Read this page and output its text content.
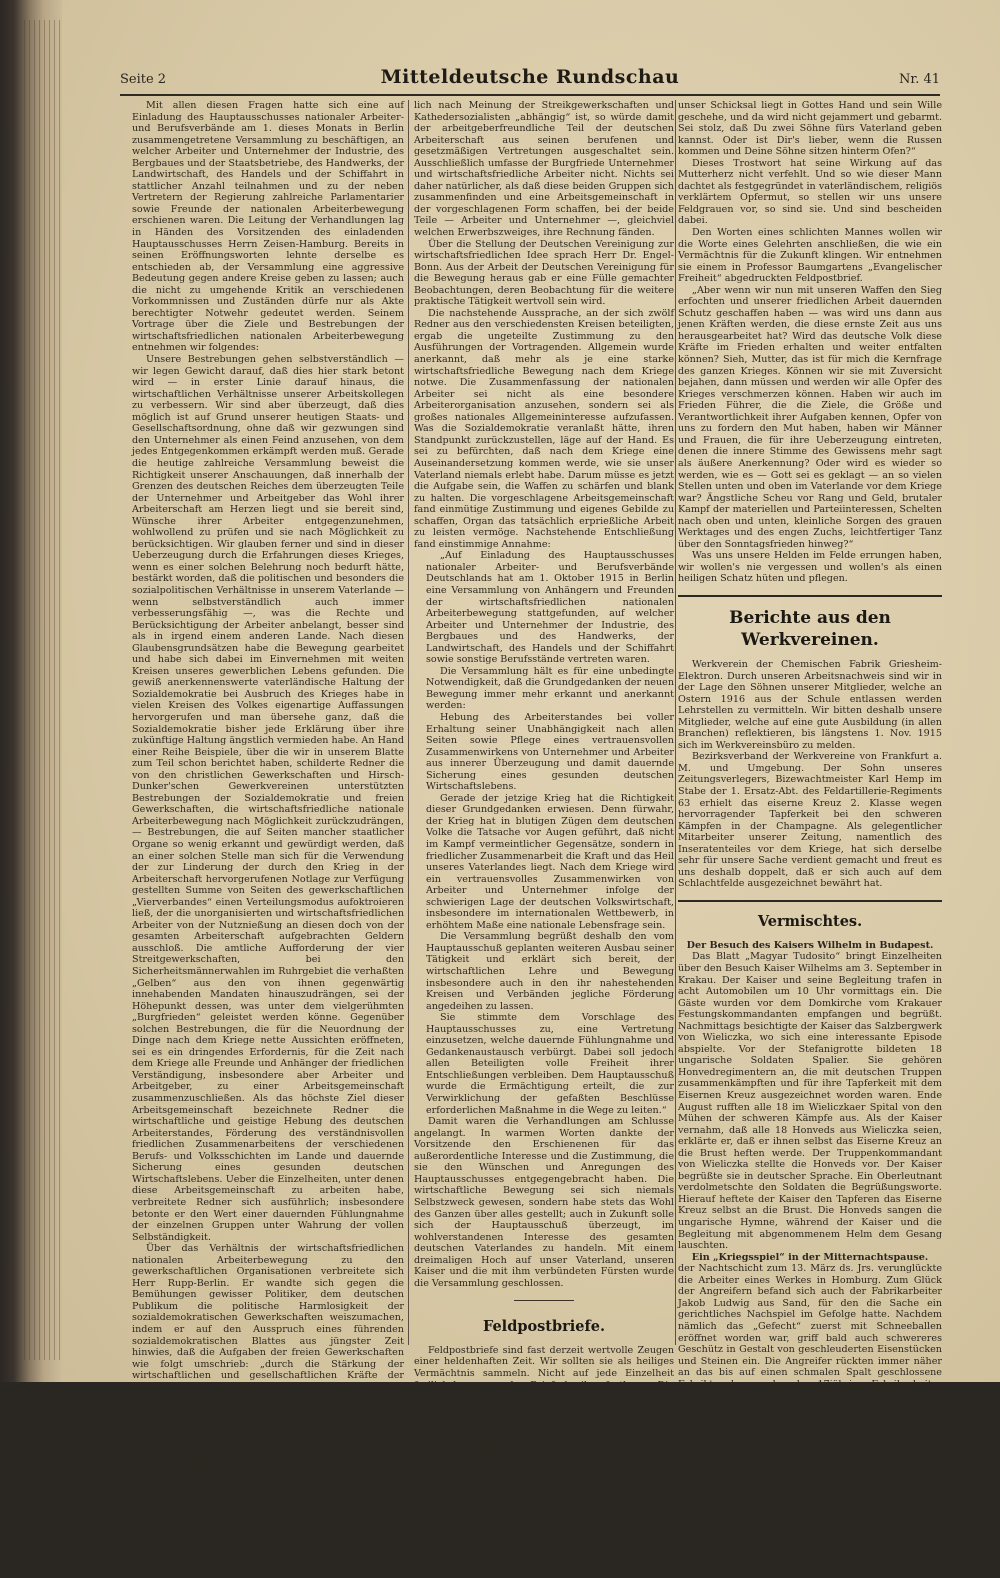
Seite 2	Mitteldeutsche Rundschau	Nr. 41

Mit allen diesen Fragen hatte sich eine auf Einladung des Hauptausschusses nationaler Arbeiter- und Berufsverbände am 1. dieses Monats in Berlin zusammengetretene Versammlung zu beschäftigen, an welcher Arbeiter und Unternehmer der Industrie, des Bergbaues und der Staatsbetriebe, des Handwerks, der Landwirtschaft, des Handels und der Schiffahrt in stattlicher Anzahl teilnahmen und zu der neben Vertretern der Regierung zahlreiche Parlamentarier sowie Freunde der nationalen Arbeiterbewegung erschienen waren. Die Leitung der Verhandlungen lag in Händen des Vorsitzenden des einladenden Hauptausschusses Herrn Zeisen-Hamburg. Bereits in seinen Eröffnungsworten lehnte derselbe es entschieden ab, der Versammlung eine aggressive Bedeutung gegen andere Kreise geben zu lassen; auch die nicht zu umgehende Kritik an verschiedenen Vorkommnissen und Zuständen dürfe nur als Akte berechtigter Notwehr gedeutet werden. Seinem Vortrage über die Ziele und Bestrebungen der wirtschaftsfriedlichen nationalen Arbeiterbewegung entnehmen wir folgendes:

Unsere Bestrebungen gehen selbstverständlich — wir legen Gewicht darauf, daß dies hier stark betont wird — in erster Linie darauf hinaus, die wirtschaftlichen Verhältnisse unserer Arbeitskollegen zu verbessern. Wir sind aber überzeugt, daß dies möglich ist auf Grund unserer heutigen Staats- und Gesellschaftsordnung, ohne daß wir gezwungen sind den Unternehmer als einen Feind anzusehen, von dem jedes Entgegenkommen erkämpft werden muß. Gerade die heutige zahlreiche Versammlung beweist die Richtigkeit unserer Anschauungen, daß innerhalb der Grenzen des deutschen Reiches dem überzeugten Teile der Unternehmer und Arbeitgeber das Wohl ihrer Arbeiterschaft am Herzen liegt und sie bereit sind, Wünsche ihrer Arbeiter entgegenzunehmen, wohlwollend zu prüfen und sie nach Möglichkeit zu berücksichtigen. Wir glauben ferner und sind in dieser Ueberzeugung durch die Erfahrungen dieses Krieges, wenn es einer solchen Belehrung noch bedurft hätte, bestärkt worden, daß die politischen und besonders die sozialpolitischen Verhältnisse in unserem Vaterlande — wenn selbstverständlich auch immer verbesserungsfähig —, was die Rechte und Berücksichtigung der Arbeiter anbelangt, besser sind als in irgend einem anderen Lande. Nach diesen Glaubensgrundsätzen habe die Bewegung gearbeitet und habe sich dabei im Einvernehmen mit weiten Kreisen unseres gewerblichen Lebens gefunden. Die gewiß anerkennenswerte vaterländische Haltung der Sozialdemokratie bei Ausbruch des Krieges habe in vielen Kreisen des Volkes eigenartige Auffassungen hervorgerufen und man übersehe ganz, daß die Sozialdemokratie bisher jede Erklärung über ihre zukünftige Haltung ängstlich vermieden habe. An Hand einer Reihe Beispiele, über die wir in unserem Blatte zum Teil schon berichtet haben, schilderte Redner die von den christlichen Gewerkschaften und Hirsch-Dunker'schen Gewerkvereinen unterstützten Bestrebungen der Sozialdemokratie und freien Gewerkschaften, die wirtschaftsfriedliche nationale Arbeiterbewegung nach Möglichkeit zurückzudrängen, — Bestrebungen, die auf Seiten mancher staatlicher Organe so wenig erkannt und gewürdigt werden, daß an einer solchen Stelle man sich für die Verwendung der zur Linderung der durch den Krieg in der Arbeiterschaft hervorgerufenen Notlage zur Verfügung gestellten Summe von Seiten des gewerkschaftlichen „Vierverbandes“ einen Verteilungsmodus aufoktroieren ließ, der die unorganisierten und wirtschaftsfriedlichen Arbeiter von der Nutznießung an diesen doch von der gesamten Arbeiterschaft aufgebrachten Geldern ausschloß. Die amtliche Aufforderung der vier Streitgewerkschaften, bei den Sicherheitsmännerwahlen im Ruhrgebiet die verhaßten „Gelben“ aus den von ihnen gegenwärtig innehabenden Mandaten hinauszudrängen, sei der Höhepunkt dessen, was unter dem vielgerühmten „Burgfrieden“ geleistet werden könne. Gegenüber solchen Bestrebungen, die für die Neuordnung der Dinge nach dem Kriege nette Aussichten eröffneten, sei es ein dringendes Erfordernis, für die Zeit nach dem Kriege alle Freunde und Anhänger der friedlichen Verständigung, insbesondere aber Arbeiter und Arbeitgeber, zu einer Arbeitsgemeinschaft zusammenzuschließen. Als das höchste Ziel dieser Arbeitsgemeinschaft bezeichnete Redner die wirtschaftliche und geistige Hebung des deutschen Arbeiterstandes, Förderung des verständnisvollen friedlichen Zusammenarbeitens der verschiedenen Berufs- und Volksschichten im Lande und dauernde Sicherung eines gesunden deutschen Wirtschaftslebens. Ueber die Einzelheiten, unter denen diese Arbeitsgemeinschaft zu arbeiten habe, verbreitete Redner sich ausführlich; insbesondere betonte er den Wert einer dauernden Fühlungnahme der einzelnen Gruppen unter Wahrung der vollen Selbständigkeit.

Über das Verhältnis der wirtschaftsfriedlichen nationalen Arbeiterbewegung zu den gewerkschaftlichen Organisationen verbreitete sich Herr Rupp-Berlin. Er wandte sich gegen die Bemühungen gewisser Politiker, dem deutschen Publikum die politische Harmlosigkeit der sozialdemokratischen Gewerkschaften weiszumachen, indem er auf den Ausspruch eines führenden sozialdemokratischen Blattes aus jüngster Zeit hinwies, daß die Aufgaben der freien Gewerkschaften wie folgt umschrieb: „durch die Stärkung der wirtschaftlichen und gesellschaftlichen Kräfte der Arbeiterschaft die ökonomische Grundlage für den Aufstieg zur Macht zu schaffen.“ Demgegenüber sei es wohl billig, von dieser Seite eine Erklärung über die zukünftige Stellungnahme zu erwarten, ehe man seine eigene Stellung ändere. Die von den Streikgewerkschaften gegründete Arbeitsgemeinschaft wurde an Hand der bis jetzt zu Tage getretenen Tätigkeit besprochen, deren Höhepunkt in dem Versuche zu erblicken ist, die Gewerkschaften, die mit ihren rund drei Millionen Mitgliedern nur etwa ein Sechstel der deutschen Arbeiterschaft ausmachen, zur gesetzlichen Vertretung der gesamten Arbeiterschaft aufrücken zu lassen, gleichgültig ob die übrigen fünf Sechstel deutscher Arbeiter von ihnen etwas wissen wollen oder nicht. Da diese Anerkennung sich nur auf die „unabhängigen“ Berufsvereine beschränken soll und die wirtschaftsfriedliche Bewegung bekannt-

lich nach Meinung der Streikgewerkschaften und Kathedersozialisten „abhängig“ ist, so würde damit der arbeitgeberfreundliche Teil der deutschen Arbeiterschaft aus seinen berufenen und gesetzmäßigen Vertretungen ausgeschaltet sein. Ausschließlich umfasse der Burgfriede Unternehmer und wirtschaftsfriedliche Arbeiter nicht. Nichts sei daher natürlicher, als daß diese beiden Gruppen sich zusammenfinden und eine Arbeitsgemeinschaft in der vorgeschlagenen Form schaffen, bei der beide Teile — Arbeiter und Unternehmer —, gleichviel welchen Erwerbszweiges, ihre Rechnung fänden.

Über die Stellung der Deutschen Vereinigung zur wirtschaftsfriedlichen Idee sprach Herr Dr. Engel-Bonn. Aus der Arbeit der Deutschen Vereinigung für die Bewegung heraus gab er eine Fülle gemachter Beobachtungen, deren Beobachtung für die weitere praktische Tätigkeit wertvoll sein wird.

Die nachstehende Aussprache, an der sich zwölf Redner aus den verschiedensten Kreisen beteiligten, ergab die ungeteilte Zustimmung zu den Ausführungen der Vortragenden. Allgemein wurde anerkannt, daß mehr als je eine starke wirtschaftsfriedliche Bewegung nach dem Kriege notwe. Die Zusammenfassung der nationalen Arbeiter sei nicht als eine besondere Arbeiterorganisation anzusehen, sondern sei als großes nationales Allgemeininteresse aufzufassen. Was die Sozialdemokratie veranlaßt hätte, ihren Standpunkt zurückzustellen, läge auf der Hand. Es sei zu befürchten, daß nach dem Kriege eine Auseinandersetzung kommen werde, wie sie unser Vaterland niemals erlebt habe. Darum müsse es jetzt die Aufgabe sein, die Waffen zu schärfen und blank zu halten. Die vorgeschlagene Arbeitsgemeinschaft fand einmütige Zustimmung und eigenes Gebilde zu schaffen, Organ das tatsächlich erprießliche Arbeit zu leisten vermöge. Nachstehende Entschließung fand einstimmige Annahme:

„Auf Einladung des Hauptausschusses nationaler Arbeiter- und Berufsverbände Deutschlands hat am 1. Oktober 1915 in Berlin eine Versammlung von Anhängern und Freunden der wirtschaftsfriedlichen nationalen Arbeiterbewegung stattgefunden, auf welcher Arbeiter und Unternehmer der Industrie, des Bergbaues und des Handwerks, der Landwirtschaft, des Handels und der Schiffahrt sowie sonstige Berufsstände vertreten waren.

Die Versammlung hält es für eine unbedingte Notwendigkeit, daß die Grundgedanken der neuen Bewegung immer mehr erkannt und anerkannt werden:

Hebung des Arbeiterstandes bei voller Erhaltung seiner Unabhängigkeit nach allen Seiten sowie Pflege eines vertrauensvollen Zusammenwirkens von Unternehmer und Arbeiter aus innerer Überzeugung und damit dauernde Sicherung eines gesunden deutschen Wirtschaftslebens.

Gerade der jetzige Krieg hat die Richtigkeit dieser Grundgedanken erwiesen. Denn fürwahr, der Krieg hat in blutigen Zügen dem deutschen Volke die Tatsache vor Augen geführt, daß nicht im Kampf vermeintlicher Gegensätze, sondern in friedlicher Zusammenarbeit die Kraft und das Heil unseres Vaterlandes liegt. Nach dem Kriege wird ein vertrauensvolles Zusammenwirken von Arbeiter und Unternehmer infolge der schwierigen Lage der deutschen Volkswirtschaft, insbesondere im internationalen Wettbewerb, in erhöhtem Maße eine nationale Lebensfrage sein.

Die Versammlung begrüßt deshalb den vom Hauptausschuß geplanten weiteren Ausbau seiner Tätigkeit und erklärt sich bereit, der wirtschaftlichen Lehre und Bewegung insbesondere auch in den ihr nahestehenden Kreisen und Verbänden jegliche Förderung angedeihen zu lassen.

Sie stimmte dem Vorschlage des Hauptausschusses zu, eine Vertretung einzusetzen, welche dauernde Fühlungnahme und Gedankenaustausch verbürgt. Dabei soll jedoch allen Beteiligten volle Freiheit ihrer Entschließungen verbleiben. Dem Hauptausschuß wurde die Ermächtigung erteilt, die zur Verwirklichung der gefaßten Beschlüsse erforderlichen Maßnahme in die Wege zu leiten.“

Damit waren die Verhandlungen am Schlusse angelangt. In warmen Worten dankte der Vorsitzende den Erschienenen für das außerordentliche Interesse und die Zustimmung, die sie den Wünschen und Anregungen des Hauptausschusses entgegengebracht haben. Die wirtschaftliche Bewegung sei sich niemals Selbstzweck gewesen, sondern habe stets das Wohl des Ganzen über alles gestellt; auch in Zukunft solle sich der Hauptausschuß überzeugt, im wohlverstandenen Interesse des gesamten deutschen Vaterlandes zu handeln. Mit einem dreimaligen Hoch auf unser Vaterland, unseren Kaiser und die mit ihm verbündeten Fürsten wurde die Versammlung geschlossen.

Feldpostbriefe.

Feldpostbriefe sind fast derzeit wertvolle Zeugen einer heldenhaften Zeit. Wir sollten sie als heiliges Vermächtnis sammeln. Nicht auf jede Einzelheit freilich kann man den Briefschreiber festlegen. Die Briefe sind ja auch nicht ursprünglich für die Öffentlichkeit bestimmt. Gerade aber weil hier der Soldat so wie's ihm ums Herz ist schreibt, weil nichts Gekünsteltes, Angepaßtes, Anempfundenes darin steht, darum sind uns die Feldpostbriefe als Herzensoffenbarungen so lieb.

Wie klingt und wirkt z. B. über den Anlaß hinaus der Mannestrost, den ein Krieger, im Frieden ein schlichter Schlosserzgeselle, nach Hause an die zagende Mutter geschrieben hat:

„Liebe Mutter, Du schreibst, Du würdest wahnsinnig, wenn mir etwas passierte. Dafür sind wir im Krieg. Wir fürchten uns vor dem Tod nicht. Denn

unser Schicksal liegt in Gottes Hand und sein Wille geschehe, und da wird nicht gejammert und gebarmt. Sei stolz, daß Du zwei Söhne fürs Vaterland geben kannst. Oder ist Dir's lieber, wenn die Russen kommen und Deine Söhne sitzen hinterm Ofen?“

Dieses Trostwort hat seine Wirkung auf das Mutterherz nicht verfehlt. Und so wie dieser Mann dachtet als festgegründet in vaterländischem, religiös verklärtem Opfermut, so stellen wir uns unsere Feldgrauen vor, so sind sie. Und sind bescheiden dabei.

Den Worten eines schlichten Mannes wollen wir die Worte eines Gelehrten anschließen, die wie ein Vermächtnis für die Zukunft klingen. Wir entnehmen sie einem in Professor Baumgartens „Evangelischer Freiheit“ abgedruckten Feldpostbrief.

„Aber wenn wir nun mit unseren Waffen den Sieg erfochten und unserer friedlichen Arbeit dauernden Schutz geschaffen haben — was wird uns dann aus jenen Kräften werden, die diese ernste Zeit aus uns herausgearbeitet hat? Wird das deutsche Volk diese Kräfte im Frieden erhalten und weiter entfalten können? Sieh, Mutter, das ist für mich die Kernfrage des ganzen Krieges. Können wir sie mit Zuversicht bejahen, dann müssen und werden wir alle Opfer des Krieges verschmerzen können. Haben wir auch im Frieden Führer, die die Ziele, die Größe und Verantwortlichkeit ihrer Aufgaben kennen, Opfer von uns zu fordern den Mut haben, haben wir Männer und Frauen, die für ihre Ueberzeugung eintreten, denen die innere Stimme des Gewissens mehr sagt als äußere Anerkennung? Oder wird es wieder so werden, wie es — Gott sei es geklagt — an so vielen Stellen unten und oben im Vaterlande vor dem Kriege war? Ängstliche Scheu vor Rang und Geld, brutaler Kampf der materiellen und Parteiinteressen, Schelten nach oben und unten, kleinliche Sorgen des grauen Werktages und des engen Zuchs, leichtfertiger Tanz über den Sonntagsfrieden hinweg?“

Was uns unsere Helden im Felde errungen haben, wir wollen's nie vergessen und wollen's als einen heiligen Schatz hüten und pflegen.

Berichte aus den Werkvereinen.

Werkverein der Chemischen Fabrik Griesheim-Elektron. Durch unseren Arbeitsnachweis sind wir in der Lage den Söhnen unserer Mitglieder, welche an Ostern 1916 aus der Schule entlassen werden Lehrstellen zu vermitteln. Wir bitten deshalb unsere Mitglieder, welche auf eine gute Ausbildung (in allen Branchen) reflektieren, bis längstens 1. Nov. 1915 sich im Werkvereinsbüro zu melden.

Bezirksverband der Werkvereine von Frankfurt a. M. und Umgebung. Der Sohn unseres Zeitungsverlegers, Bizewachtmeister Karl Hemp im Stabe der 1. Ersatz-Abt. des Feldartillerie-Regiments 63 erhielt das eiserne Kreuz 2. Klasse wegen hervorragender Tapferkeit bei den schweren Kämpfen in der Champagne. Als gelegentlicher Mitarbeiter unserer Zeitung, namentlich des Inseratenteiles vor dem Kriege, hat sich derselbe sehr für unsere Sache verdient gemacht und freut es uns deshalb doppelt, daß er sich auch auf dem Schlachtfelde ausgezeichnet bewährt hat.

Vermischtes.

Der Besuch des Kaisers Wilhelm in Budapest.

Das Blatt „Magyar Tudosito“ bringt Einzelheiten über den Besuch Kaiser Wilhelms am 3. September in Krakau. Der Kaiser und seine Begleitung trafen in acht Automobilen um 10 Uhr vormittags ein. Die Gäste wurden vor dem Domkirche vom Krakauer Festungskommandanten empfangen und begrüßt. Nachmittags besichtigte der Kaiser das Salzbergwerk von Wieliczka, wo sich eine interessante Episode abspielte. Vor der Stefanigrotte bildeten 18 ungarische Soldaten Spalier. Sie gehören Honvedregimentern an, die mit deutschen Truppen zusammenkämpften und für ihre Tapferkeit mit dem Eisernen Kreuz ausgezeichnet worden waren. Ende August rufften alle 18 im Wieliczkaer Spital von den Mühen der schweren Kämpfe aus. Als der Kaiser vernahm, daß alle 18 Honveds aus Wieliczka seien, erklärte er, daß er ihnen selbst das Eiserne Kreuz an die Brust heften werde. Der Truppenkommandant von Wieliczka stellte die Honveds vor. Der Kaiser begrüßte sie in deutscher Sprache. Ein Oberleutnant verdolmetschte den Soldaten die Begrüßungsworte. Hierauf heftete der Kaiser den Tapferen das Eiserne Kreuz selbst an die Brust. Die Honveds sangen die ungarische Hymne, während der Kaiser und die Begleitung mit abgenommenem Helm dem Gesang lauschten.

Ein „Kriegsspiel“ in der Mitternachtspause.

der Nachtschicht zum 13. März ds. Jrs. verunglückte die Arbeiter eines Werkes in Homburg. Zum Glück der Angreifern befand sich auch der Fabrikarbeiter Jakob Ludwig aus Sand, für den die Sache ein gerichtliches Nachspiel im Gefolge hatte. Nachdem nämlich das „Gefecht“ zuerst mit Schneeballen eröffnet worden war, griff bald auch schwereres Geschütz in Gestalt von geschleuderten Eisenstücken und Steinen ein. Die Angreifer rückten immer näher an das bis auf einen schmalen Spalt geschlossene Fabriktor heran, das der 17jährige Fabrikarbeiter Krauser aus Jägersburg zum Schluß durch Herausstrecken einer glühenden Eisenstange verteidigte. Der Angeklagte Ludwig stieß aber mit einem Eisenstab in den Spalt hinein und traf dabei den Krauser so unglücklich ins rechte Auge, daß dieses sofort auslief. Nunmehr wurde das „Gefecht“ abgebrochen. Für sein Vorgehen wurde Ludwig von der Strafkammer in Zweibrücken mit 4 Monat Gefängnis bedacht. In einem zivilrechtlichen Prozeß wird
